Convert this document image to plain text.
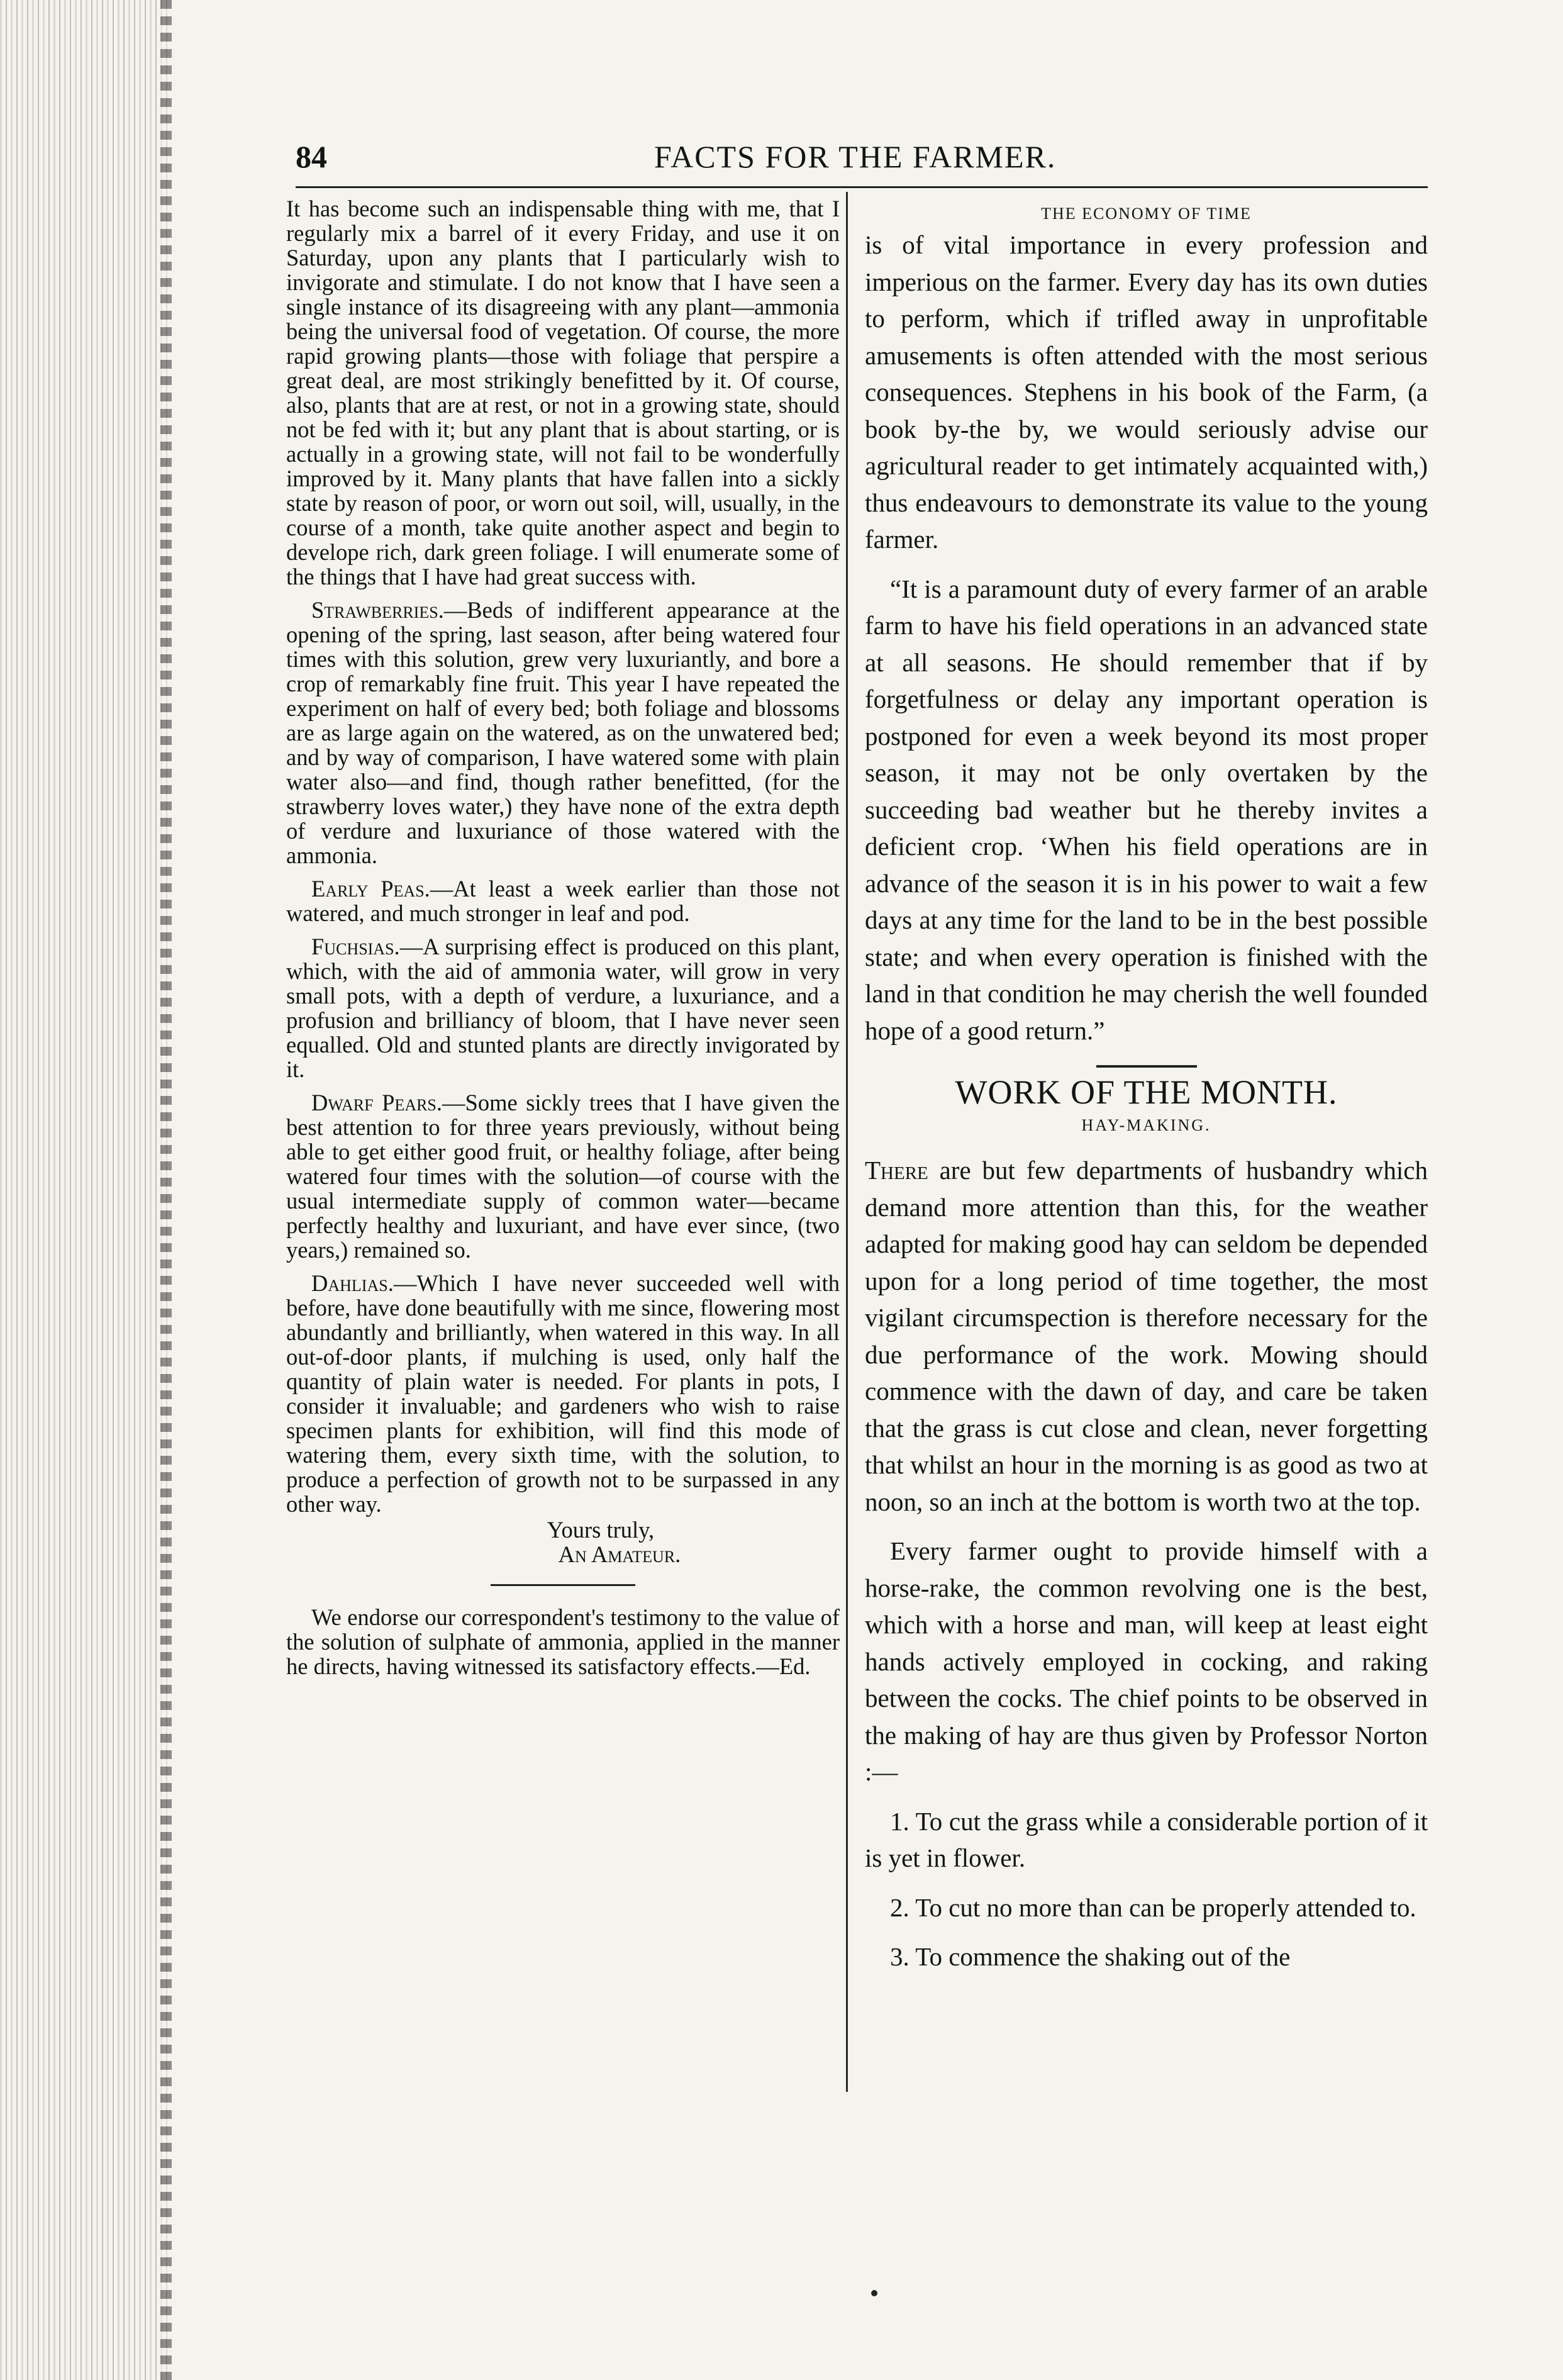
84	FACTS FOR THE FARMER.

It has become such an indispensable thing with me, that I regularly mix a barrel of it every Friday, and use it on Saturday, upon any plants that I particularly wish to invigorate and stimulate. I do not know that I have seen a single instance of its disagreeing with any plant—ammonia being the universal food of vegetation. Of course, the more rapid growing plants—those with foliage that perspire a great deal, are most strikingly benefitted by it. Of course, also, plants that are at rest, or not in a growing state, should not be fed with it; but any plant that is about starting, or is actually in a growing state, will not fail to be wonderfully improved by it. Many plants that have fallen into a sickly state by reason of poor, or worn out soil, will, usually, in the course of a month, take quite another aspect and begin to develope rich, dark green foliage. I will enumerate some of the things that I have had great success with.

Strawberries.—Beds of indifferent appearance at the opening of the spring, last season, after being watered four times with this solution, grew very luxuriantly, and bore a crop of remarkably fine fruit. This year I have repeated the experiment on half of every bed; both foliage and blossoms are as large again on the watered, as on the unwatered bed; and by way of comparison, I have watered some with plain water also—and find, though rather benefitted, (for the strawberry loves water,) they have none of the extra depth of verdure and luxuriance of those watered with the ammonia.

Early Peas.—At least a week earlier than those not watered, and much stronger in leaf and pod.

Fuchsias.—A surprising effect is produced on this plant, which, with the aid of ammonia water, will grow in very small pots, with a depth of verdure, a luxuriance, and a profusion and brilliancy of bloom, that I have never seen equalled. Old and stunted plants are directly invigorated by it.

Dwarf Pears.—Some sickly trees that I have given the best attention to for three years previously, without being able to get either good fruit, or healthy foliage, after being watered four times with the solution—of course with the usual intermediate supply of common water—became perfectly healthy and luxuriant, and have ever since, (two years,) remained so.

Dahlias.—Which I have never succeeded well with before, have done beautifully with me since, flowering most abundantly and brilliantly, when watered in this way. In all out-of-door plants, if mulching is used, only half the quantity of plain water is needed. For plants in pots, I consider it invaluable; and gardeners who wish to raise specimen plants for exhibition, will find this mode of watering them, every sixth time, with the solution, to produce a perfection of growth not to be surpassed in any other way.

Yours truly,

An Amateur.

We endorse our correspondent's testimony to the value of the solution of sulphate of ammonia, applied in the manner he directs, having witnessed its satisfactory effects.—Ed.

THE ECONOMY OF TIME

is of vital importance in every profession and imperious on the farmer. Every day has its own duties to perform, which if trifled away in unprofitable amusements is often attended with the most serious consequences. Stephens in his book of the Farm, (a book by-the by, we would seriously advise our agricultural reader to get intimately acquainted with,) thus endeavours to demonstrate its value to the young farmer.

“It is a paramount duty of every farmer of an arable farm to have his field operations in an advanced state at all seasons. He should remember that if by forgetfulness or delay any important operation is postponed for even a week beyond its most proper season, it may not be only overtaken by the succeeding bad weather but he thereby invites a deficient crop. ‘When his field operations are in advance of the season it is in his power to wait a few days at any time for the land to be in the best possible state; and when every operation is finished with the land in that condition he may cherish the well founded hope of a good return.”

WORK OF THE MONTH.

HAY-MAKING.

There are but few departments of husbandry which demand more attention than this, for the weather adapted for making good hay can seldom be depended upon for a long period of time together, the most vigilant circumspection is therefore necessary for the due performance of the work. Mowing should commence with the dawn of day, and care be taken that the grass is cut close and clean, never forgetting that whilst an hour in the morning is as good as two at noon, so an inch at the bottom is worth two at the top.

Every farmer ought to provide himself with a horse-rake, the common revolving one is the best, which with a horse and man, will keep at least eight hands actively employed in cocking, and raking between the cocks. The chief points to be observed in the making of hay are thus given by Professor Norton :—

1. To cut the grass while a considerable portion of it is yet in flower.

2. To cut no more than can be properly attended to.

3. To commence the shaking out of the
